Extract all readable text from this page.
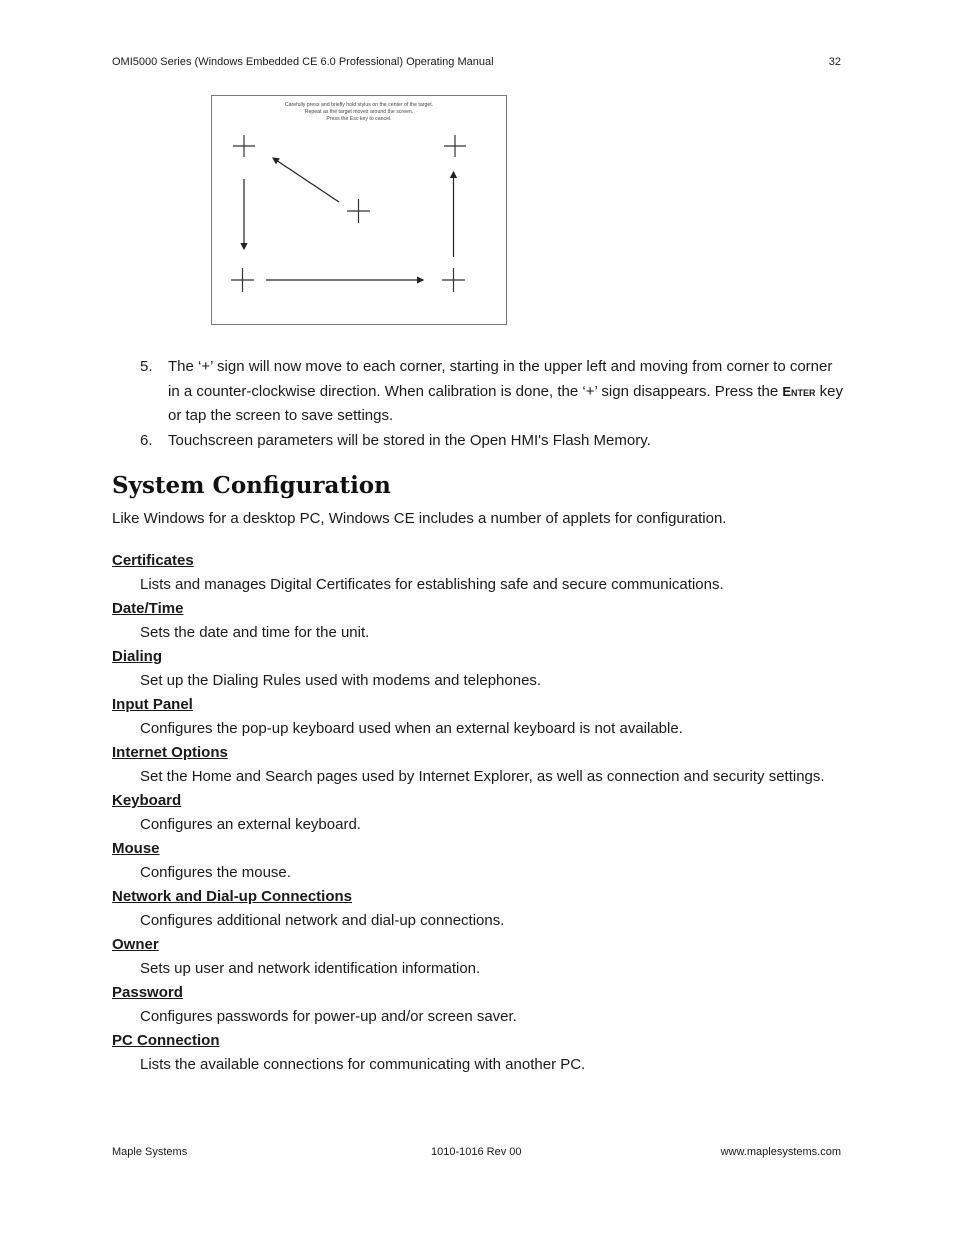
OMI5000 Series (Windows Embedded CE 6.0 Professional) Operating Manual	32
Carefully press and briefly hold stylus on the center of the target.
Repeat as the target moves around the screen.
Press the Esc key to cancel.
5. The ‘+’ sign will now move to each corner, starting in the upper left and moving from corner to corner in a counter-clockwise direction. When calibration is done, the ‘+’ sign disappears. Press the Enter key or tap the screen to save settings.
6. Touchscreen parameters will be stored in the Open HMI's Flash Memory.
System Configuration

Like Windows for a desktop PC, Windows CE includes a number of applets for configuration.

Certificates

Lists and manages Digital Certificates for establishing safe and secure communications.

Date/Time

Sets the date and time for the unit.

Dialing

Set up the Dialing Rules used with modems and telephones.

Input Panel

Configures the pop-up keyboard used when an external keyboard is not available.

Internet Options

Set the Home and Search pages used by Internet Explorer, as well as connection and security settings.

Keyboard

Configures an external keyboard.

Mouse

Configures the mouse.

Network and Dial-up Connections

Configures additional network and dial-up connections.

Owner

Sets up user and network identification information.

Password

Configures passwords for power-up and/or screen saver.

PC Connection

Lists the available connections for communicating with another PC.

Maple Systems	1010-1016 Rev 00	www.maplesystems.com
